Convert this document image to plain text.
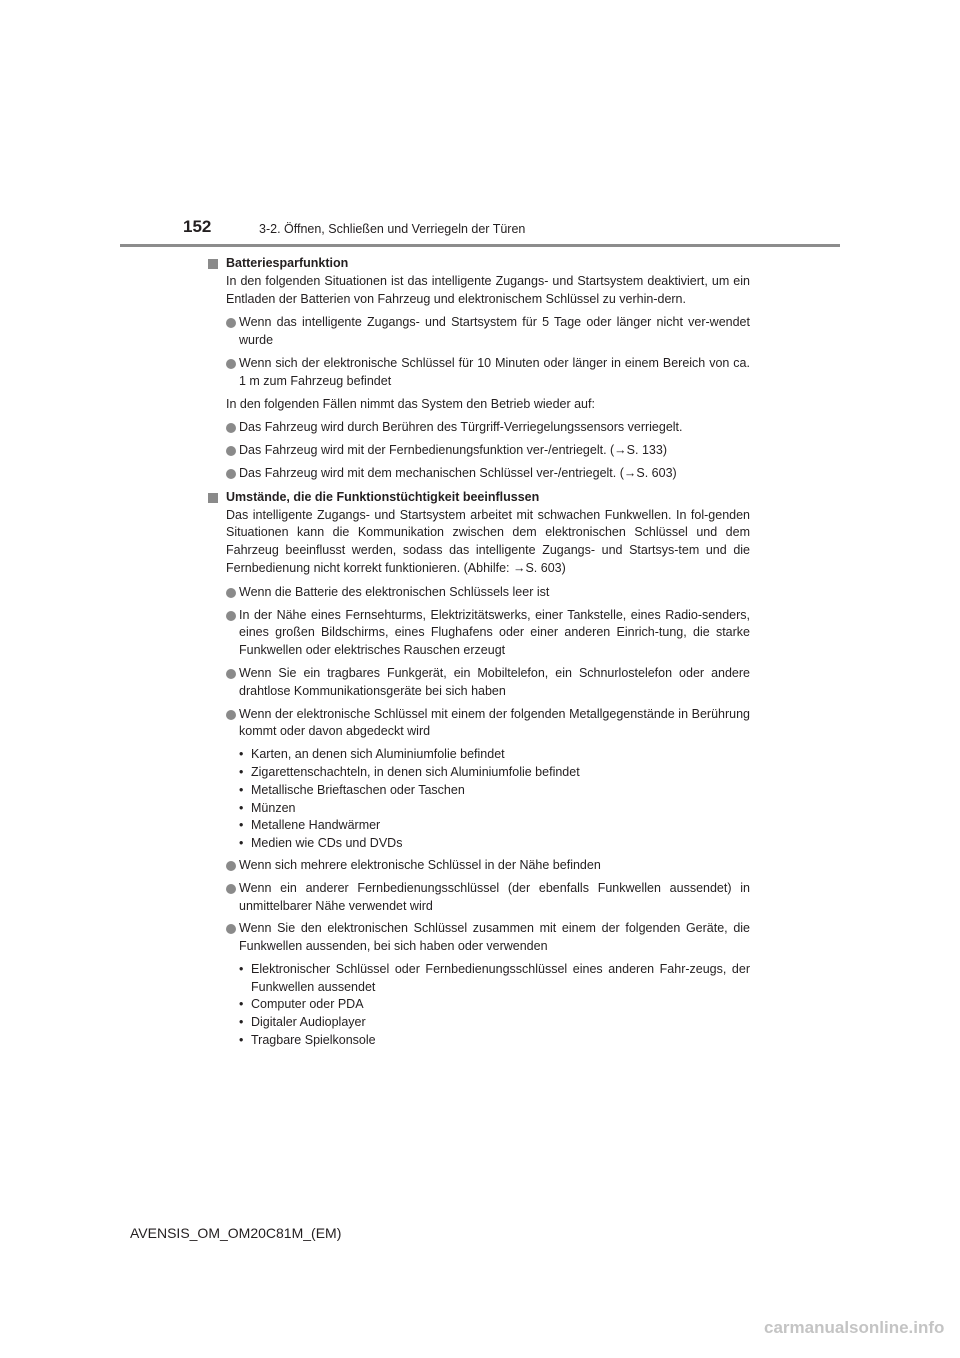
152	3-2. Öffnen, Schließen und Verriegeln der Türen
Batteriesparfunktion
In den folgenden Situationen ist das intelligente Zugangs- und Startsystem deaktiviert, um ein Entladen der Batterien von Fahrzeug und elektronischem Schlüssel zu verhin-dern.
Wenn das intelligente Zugangs- und Startsystem für 5 Tage oder länger nicht ver-wendet wurde
Wenn sich der elektronische Schlüssel für 10 Minuten oder länger in einem Bereich von ca. 1 m zum Fahrzeug befindet
In den folgenden Fällen nimmt das System den Betrieb wieder auf:
Das Fahrzeug wird durch Berühren des Türgriff-Verriegelungssensors verriegelt.
Das Fahrzeug wird mit der Fernbedienungsfunktion ver-/entriegelt. (→S. 133)
Das Fahrzeug wird mit dem mechanischen Schlüssel ver-/entriegelt. (→S. 603)
Umstände, die die Funktionstüchtigkeit beeinflussen
Das intelligente Zugangs- und Startsystem arbeitet mit schwachen Funkwellen. In fol-genden Situationen kann die Kommunikation zwischen dem elektronischen Schlüssel und dem Fahrzeug beeinflusst werden, sodass das intelligente Zugangs- und Startsys-tem und die Fernbedienung nicht korrekt funktionieren. (Abhilfe: →S. 603)
Wenn die Batterie des elektronischen Schlüssels leer ist
In der Nähe eines Fernsehturms, Elektrizitätswerks, einer Tankstelle, eines Radio-senders, eines großen Bildschirms, eines Flughafens oder einer anderen Einrich-tung, die starke Funkwellen oder elektrisches Rauschen erzeugt
Wenn Sie ein tragbares Funkgerät, ein Mobiltelefon, ein Schnurlostelefon oder andere drahtlose Kommunikationsgeräte bei sich haben
Wenn der elektronische Schlüssel mit einem der folgenden Metallgegenstände in Berührung kommt oder davon abgedeckt wird
• Karten, an denen sich Aluminiumfolie befindet
• Zigarettenschachteln, in denen sich Aluminiumfolie befindet
• Metallische Brieftaschen oder Taschen
• Münzen
• Metallene Handwärmer
• Medien wie CDs und DVDs
Wenn sich mehrere elektronische Schlüssel in der Nähe befinden
Wenn ein anderer Fernbedienungsschlüssel (der ebenfalls Funkwellen aussendet) in unmittelbarer Nähe verwendet wird
Wenn Sie den elektronischen Schlüssel zusammen mit einem der folgenden Geräte, die Funkwellen aussenden, bei sich haben oder verwenden
• Elektronischer Schlüssel oder Fernbedienungsschlüssel eines anderen Fahr-zeugs, der Funkwellen aussendet
• Computer oder PDA
• Digitaler Audioplayer
• Tragbare Spielkonsole
AVENSIS_OM_OM20C81M_(EM)
carmanualsonline.info
